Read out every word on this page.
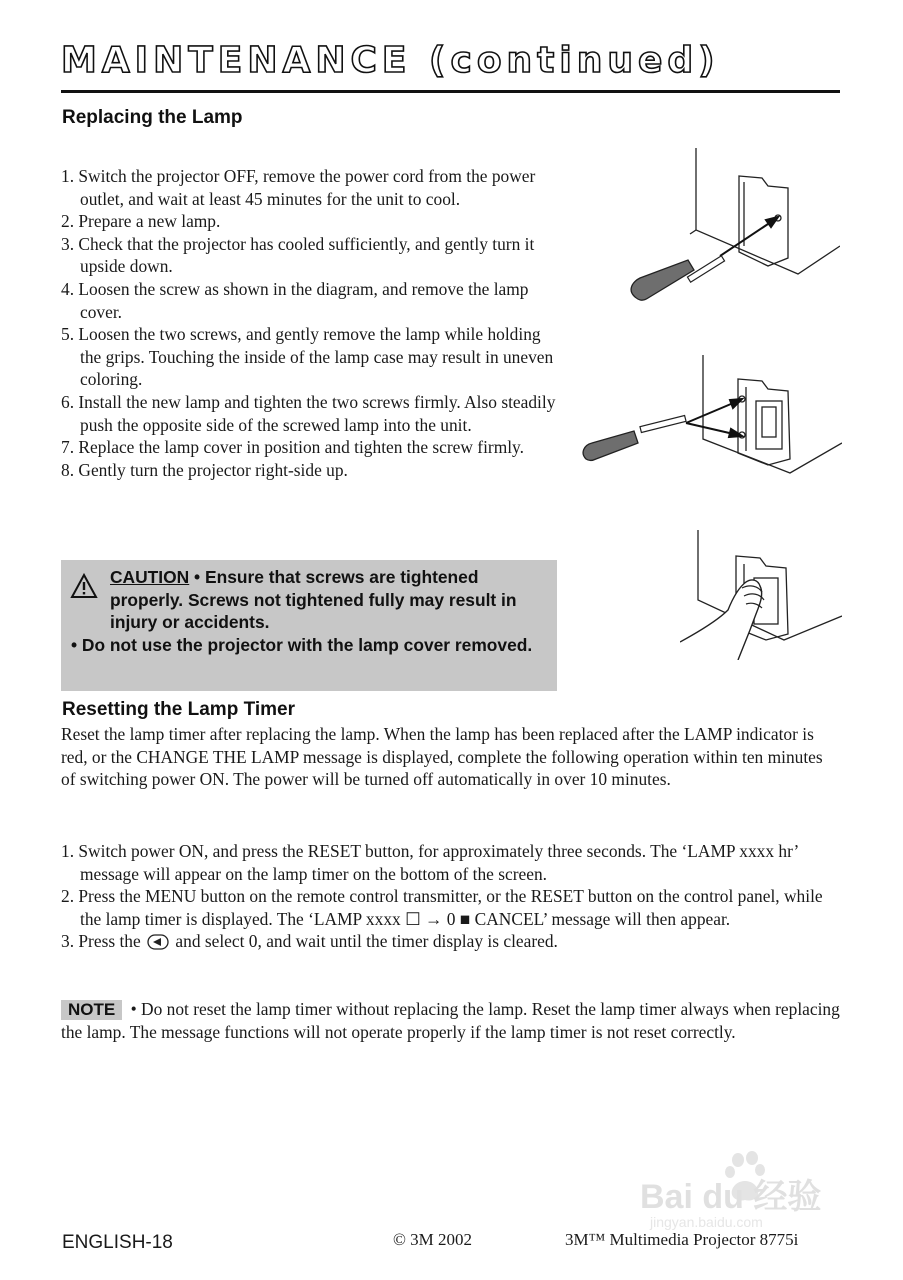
MAINTENANCE (continued)
Replacing the Lamp
1. Switch the projector OFF, remove the power cord from the power outlet, and wait at least 45 minutes for the unit to cool.
2. Prepare a new lamp.
3. Check that the projector has cooled sufficiently, and gently turn it upside down.
4. Loosen the screw as shown in the diagram, and remove the lamp cover.
5. Loosen the two screws, and gently remove the lamp while holding the grips. Touching the inside of the lamp case may result in uneven coloring.
6. Install the new lamp and tighten the two screws firmly. Also steadily push the opposite side of the screwed lamp into the unit.
7. Replace the lamp cover in position and tighten the screw firmly.
8. Gently turn the projector right-side up.
CAUTION • Ensure that screws are tightened properly. Screws not tightened fully may result in injury or accidents.
• Do not use the projector with the lamp cover removed.
Resetting the Lamp Timer

Reset the lamp timer after replacing the lamp. When the lamp has been replaced after the LAMP indicator is red, or the CHANGE THE LAMP message is displayed, complete the following operation within ten minutes of switching power ON. The power will be turned off automatically in over 10 minutes.

1. Switch power ON, and press the RESET button, for approximately three seconds. The ‘LAMP xxxx hr’ message will appear on the lamp timer on the bottom of the screen.
2. Press the MENU button on the remote control transmitter, or the RESET button on the control panel, while the lamp timer is displayed. The ‘LAMP xxxx ☐ → 0 ■ CANCEL’ message will then appear.
3. Press the  and select 0, and wait until the timer display is cleared.

NOTE • Do not reset the lamp timer without replacing the lamp. Reset the lamp timer always when replacing the lamp. The message functions will not operate properly if the lamp timer is not reset correctly.

Bai du 经验
jingyan.baidu.com
ENGLISH-18	© 3M 2002	3M™ Multimedia Projector 8775i
